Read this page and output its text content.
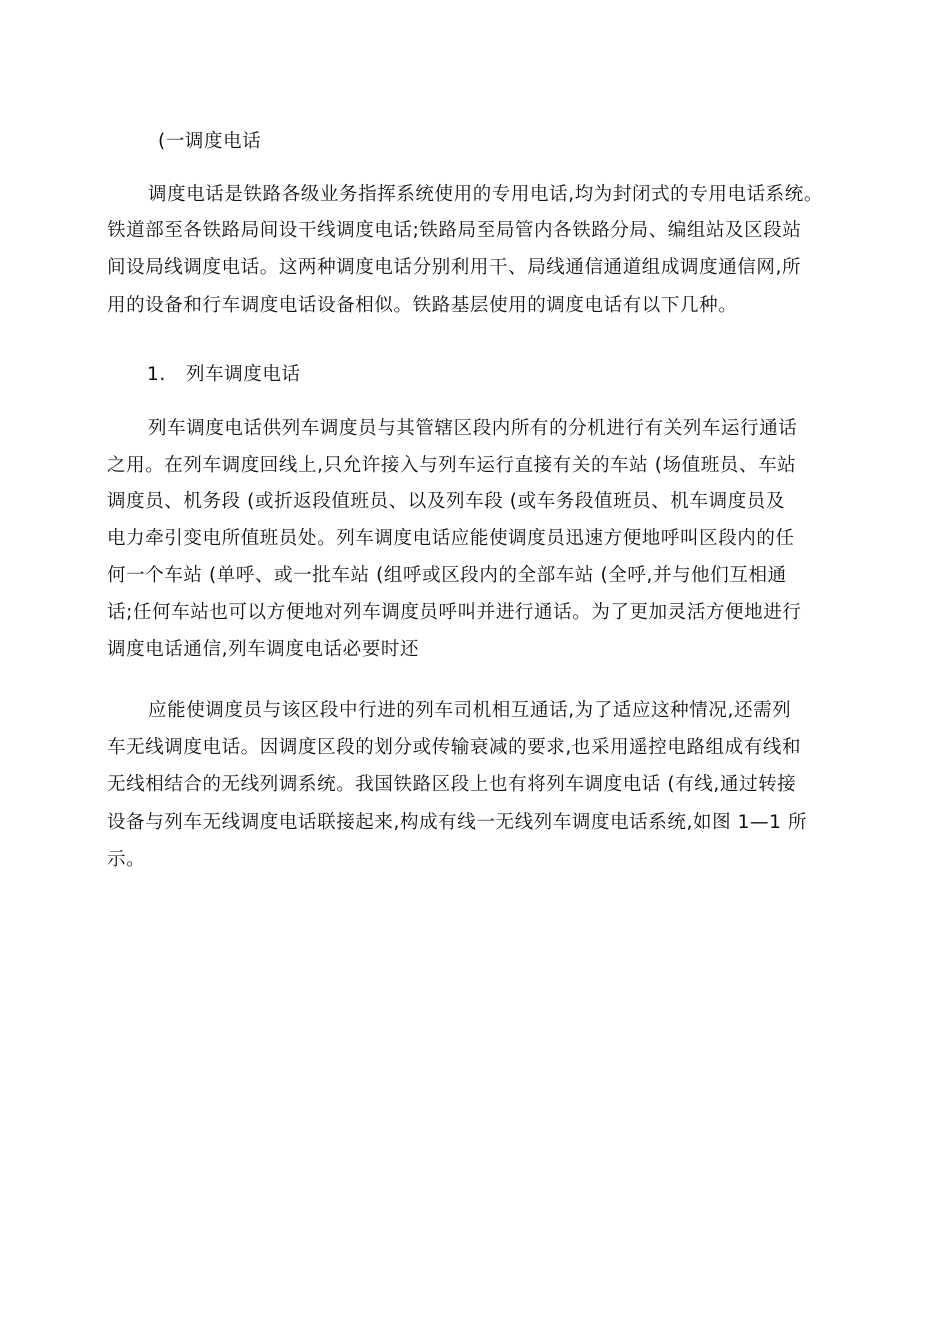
(一调度电话
调度电话是铁路各级业务指挥系统使用的专用电话,均为封闭式的专用电话系统。
铁道部至各铁路局间设干线调度电话;铁路局至局管内各铁路分局、编组站及区段站
间设局线调度电话。这两种调度电话分别利用干、局线通信通道组成调度通信网,所
用的设备和行车调度电话设备相似。铁路基层使用的调度电话有以下几种。
1. 列车调度电话
列车调度电话供列车调度员与其管辖区段内所有的分机进行有关列车运行通话
之用。在列车调度回线上,只允许接入与列车运行直接有关的车站 (场值班员、车站
调度员、机务段 (或折返段值班员、以及列车段 (或车务段值班员、机车调度员及
电力牵引变电所值班员处。列车调度电话应能使调度员迅速方便地呼叫区段内的任
何一个车站 (单呼、或一批车站 (组呼或区段内的全部车站 (全呼,并与他们互相通
话;任何车站也可以方便地对列车调度员呼叫并进行通话。为了更加灵活方便地进行
调度电话通信,列车调度电话必要时还
应能使调度员与该区段中行进的列车司机相互通话,为了适应这种情况,还需列
车无线调度电话。因调度区段的划分或传输衰减的要求,也采用遥控电路组成有线和
无线相结合的无线列调系统。我国铁路区段上也有将列车调度电话 (有线,通过转接
设备与列车无线调度电话联接起来,构成有线一无线列车调度电话系统,如图 1—1 所
示。
